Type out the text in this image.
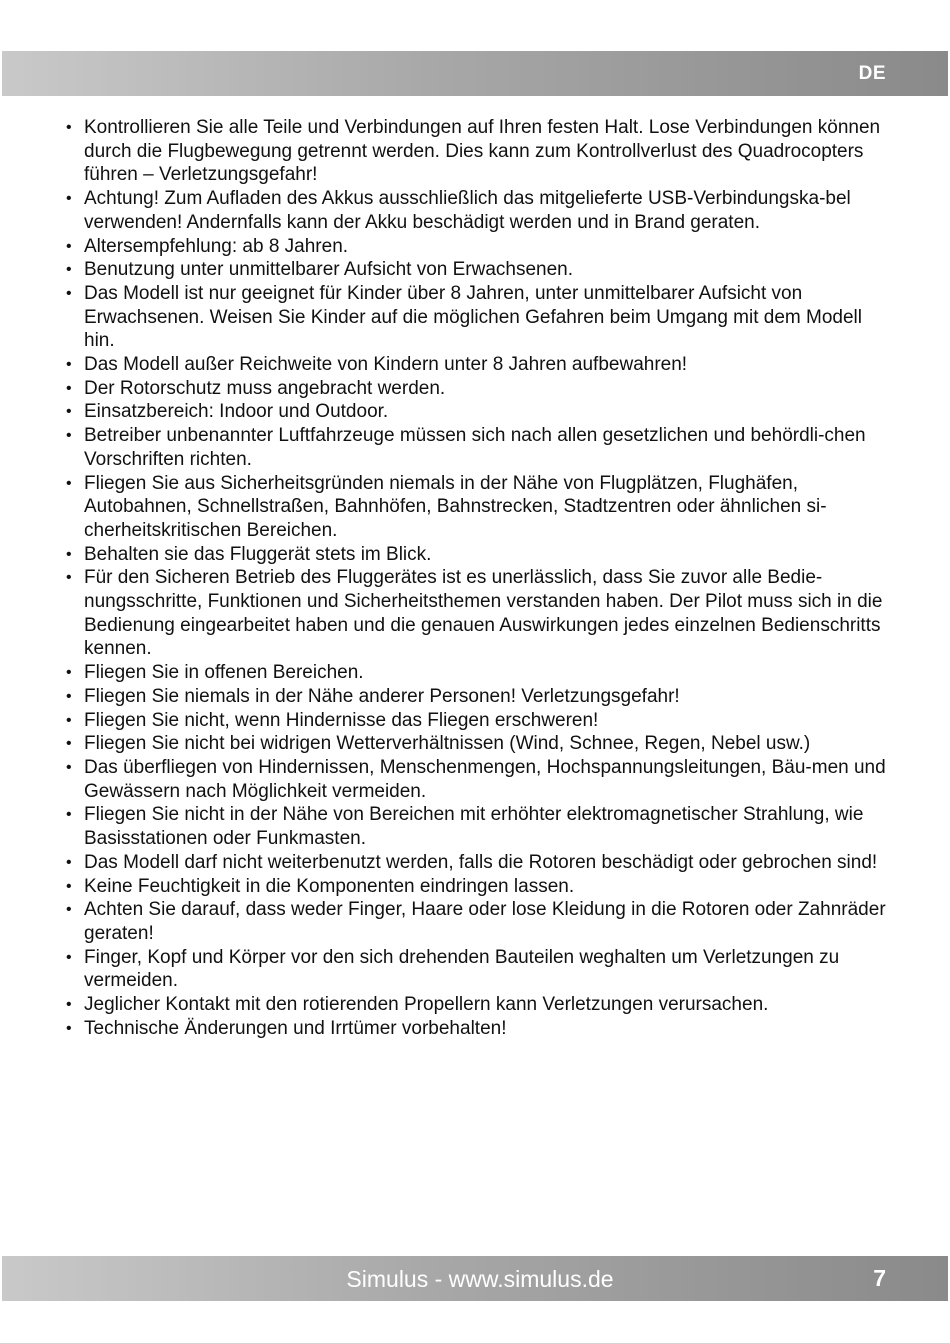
DE
• Kontrollieren Sie alle Teile und Verbindungen auf Ihren festen Halt. Lose Verbindungen können durch die Flugbewegung getrennt werden. Dies kann zum Kontrollverlust des Quadrocopters führen – Verletzungsgefahr!
• Achtung! Zum Aufladen des Akkus ausschließlich das mitgelieferte USB-Verbindungska-bel verwenden! Andernfalls kann der Akku beschädigt werden und in Brand geraten.
• Altersempfehlung: ab 8 Jahren.
• Benutzung unter unmittelbarer Aufsicht von Erwachsenen.
• Das Modell ist nur geeignet für Kinder über 8 Jahren, unter unmittelbarer Aufsicht von Erwachsenen. Weisen Sie Kinder auf die möglichen Gefahren beim Umgang mit dem Modell hin.
• Das Modell außer Reichweite von Kindern unter 8 Jahren aufbewahren!
• Der Rotorschutz muss angebracht werden.
• Einsatzbereich: Indoor und Outdoor.
• Betreiber unbenannter Luftfahrzeuge müssen sich nach allen gesetzlichen und behördli-chen Vorschriften richten.
• Fliegen Sie aus Sicherheitsgründen niemals in der Nähe von Flugplätzen, Flughäfen, Autobahnen, Schnellstraßen, Bahnhöfen, Bahnstrecken, Stadtzentren oder ähnlichen si-cherheitskritischen Bereichen.
• Behalten sie das Fluggerät stets im Blick.
• Für den Sicheren Betrieb des Fluggerätes ist es unerlässlich, dass Sie zuvor alle Bedie-nungsschritte, Funktionen und Sicherheitsthemen verstanden haben. Der Pilot muss sich in die Bedienung eingearbeitet haben und die genauen Auswirkungen jedes einzelnen Bedienschritts kennen.
• Fliegen Sie in offenen Bereichen.
• Fliegen Sie niemals in der Nähe anderer Personen! Verletzungsgefahr!
• Fliegen Sie nicht, wenn Hindernisse das Fliegen erschweren!
• Fliegen Sie nicht bei widrigen Wetterverhältnissen (Wind, Schnee, Regen, Nebel usw.)
• Das überfliegen von Hindernissen, Menschenmengen, Hochspannungsleitungen, Bäu-men und Gewässern nach Möglichkeit vermeiden.
• Fliegen Sie nicht in der Nähe von Bereichen mit erhöhter elektromagnetischer Strahlung, wie Basisstationen oder Funkmasten.
• Das Modell darf nicht weiterbenutzt werden, falls die Rotoren beschädigt oder gebrochen sind!
• Keine Feuchtigkeit in die Komponenten eindringen lassen.
• Achten Sie darauf, dass weder Finger, Haare oder lose Kleidung in die Rotoren oder Zahnräder geraten!
• Finger, Kopf und Körper vor den sich drehenden Bauteilen weghalten um Verletzungen zu vermeiden.
• Jeglicher Kontakt mit den rotierenden Propellern kann Verletzungen verursachen.
• Technische Änderungen und Irrtümer vorbehalten!
Simulus - www.simulus.de	7
